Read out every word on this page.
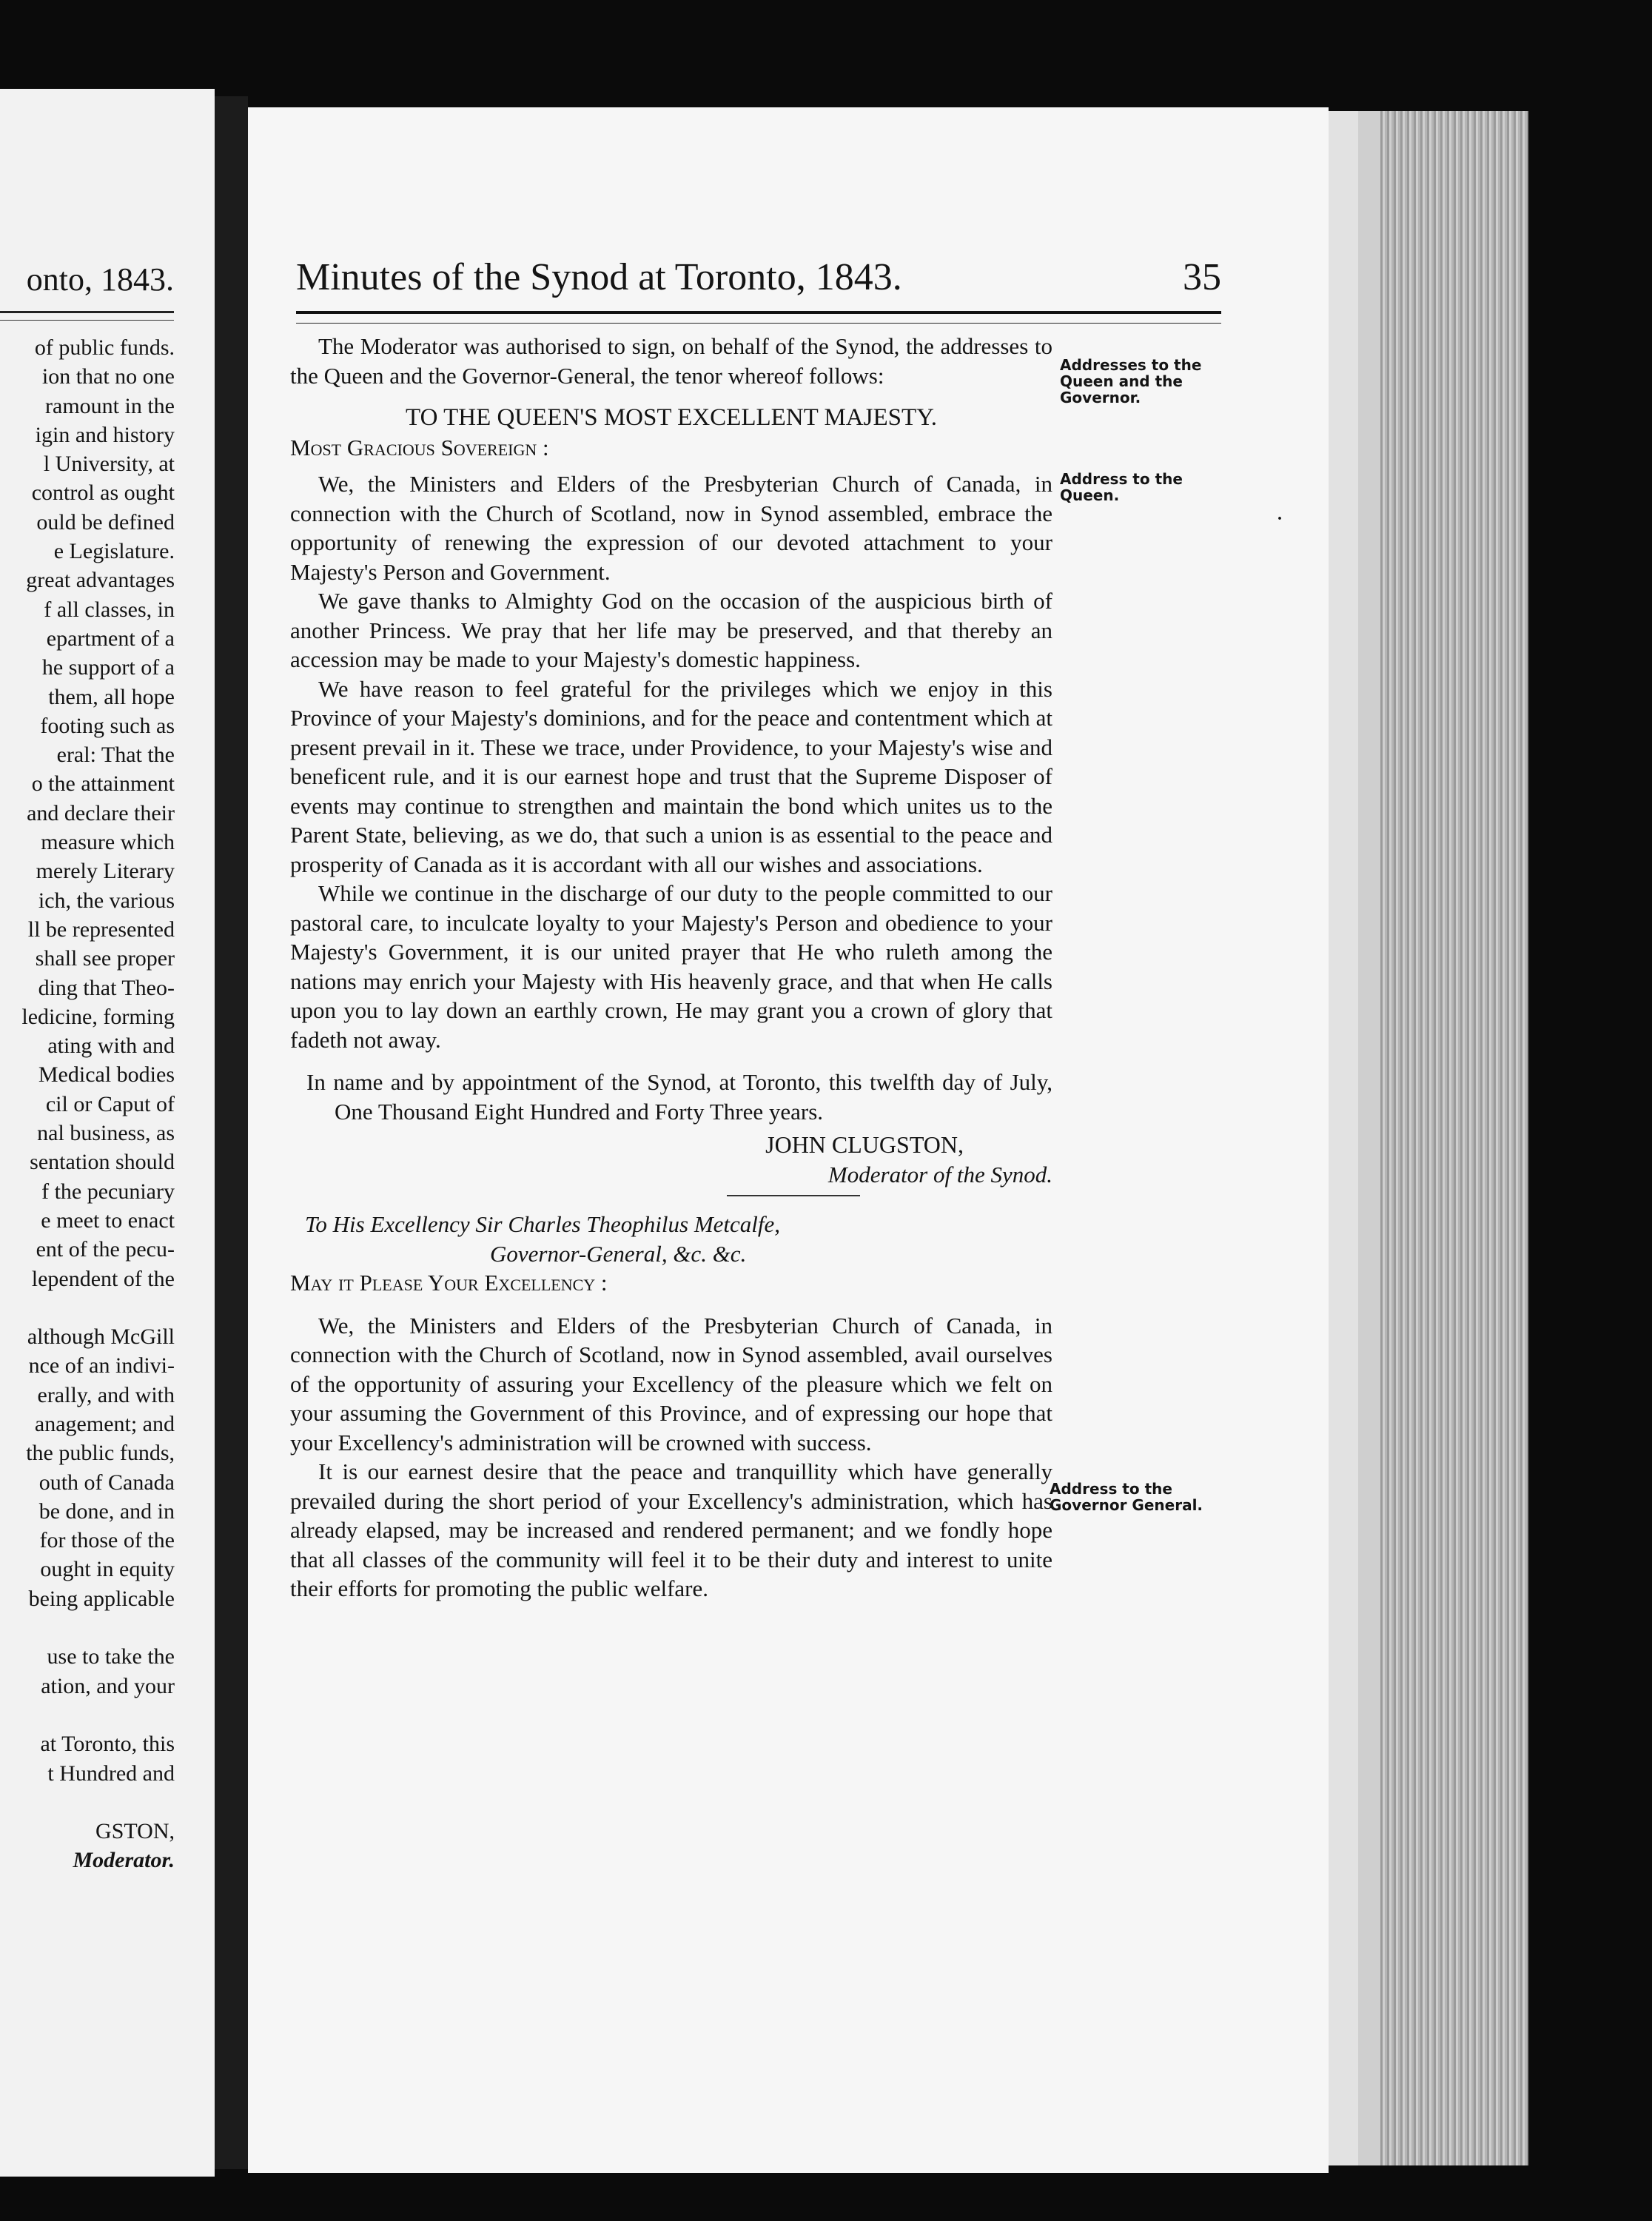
onto, 1843.
of public funds.
ion that no one
ramount in the
igin and history
l University, at
control as ought
ould be defined
e Legislature.
great advantages
f all classes, in
epartment of a
he support of a
them, all hope
footing such as
eral: That the
o the attainment
and declare their
measure which
merely Literary
ich, the various
ll be represented
shall see proper
ding that Theo-
ledicine, forming
ating with and
Medical bodies
cil or Caput of
nal business, as
sentation should
f the pecuniary
e meet to enact
ent of the pecu-
lependent of the
although McGill
nce of an indivi-
erally, and with
anagement; and
the public funds,
outh of Canada
be done, and in
for those of the
ought in equity
being applicable
use to take the
ation, and your
at Toronto, this
t Hundred and
GSTON,
Moderator.
Minutes of the Synod at Toronto, 1843.	35

The Moderator was authorised to sign, on behalf of the Synod, the addresses to the Queen and the Governor-General, the tenor whereof follows:

TO THE QUEEN'S MOST EXCELLENT MAJESTY.

Most Gracious Sovereign :

We, the Ministers and Elders of the Presbyterian Church of Canada, in connection with the Church of Scotland, now in Synod assembled, embrace the opportunity of renewing the expression of our devoted attachment to your Majesty's Person and Government.

We gave thanks to Almighty God on the occasion of the auspicious birth of another Princess. We pray that her life may be preserved, and that thereby an accession may be made to your Majesty's domestic happiness.

We have reason to feel grateful for the privileges which we enjoy in this Province of your Majesty's dominions, and for the peace and contentment which at present prevail in it. These we trace, under Providence, to your Majesty's wise and beneficent rule, and it is our earnest hope and trust that the Supreme Disposer of events may continue to strengthen and maintain the bond which unites us to the Parent State, believing, as we do, that such a union is as essential to the peace and prosperity of Canada as it is accordant with all our wishes and associations.

While we continue in the discharge of our duty to the people committed to our pastoral care, to inculcate loyalty to your Majesty's Person and obedience to your Majesty's Government, it is our united prayer that He who ruleth among the nations may enrich your Majesty with His heavenly grace, and that when He calls upon you to lay down an earthly crown, He may grant you a crown of glory that fadeth not away.

In name and by appointment of the Synod, at Toronto, this twelfth day of July, One Thousand Eight Hundred and Forty Three years.

JOHN CLUGSTON,

Moderator of the Synod.

To His Excellency Sir Charles Theophilus Metcalfe,

Governor-General, &c. &c.

May it Please Your Excellency :

We, the Ministers and Elders of the Presbyterian Church of Canada, in connection with the Church of Scotland, now in Synod assembled, avail ourselves of the opportunity of assuring your Excellency of the pleasure which we felt on your assuming the Government of this Province, and of expressing our hope that your Excellency's administration will be crowned with success.

It is our earnest desire that the peace and tranquillity which have generally prevailed during the short period of your Excellency's administration, which has already elapsed, may be increased and rendered permanent; and we fondly hope that all classes of the community will feel it to be their duty and interest to unite their efforts for promoting the public welfare.

Addresses to the Queen and the Governor.
Address to the Queen.
Address to the Governor General.
·
